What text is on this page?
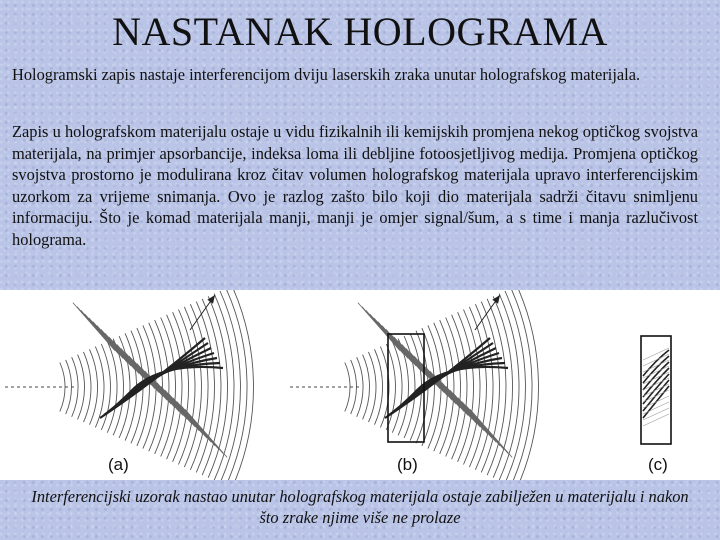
NASTANAK HOLOGRAMA
Hologramski zapis nastaje interferencijom dviju laserskih zraka unutar holografskog materijala.
Zapis u holografskom materijalu ostaje u vidu fizikalnih ili kemijskih promjena nekog optičkog svojstva materijala, na primjer apsorbancije, indeksa loma ili debljine fotoosjetljivog medija. Promjena optičkog svojstva prostorno je modulirana kroz čitav volumen holografskog materijala upravo interferencijskim uzorkom za vrijeme snimanja. Ovo je razlog zašto bilo koji dio materijala sadrži čitavu snimljenu informaciju. Što je komad materijala manji, manji je omjer signal/šum, a s time i manja razlučivost holograma.
(a)	(b)	(c)
Interferencijski uzorak nastao unutar holografskog materijala ostaje zabilježen u materijalu i nakon što zrake njime više ne prolaze
